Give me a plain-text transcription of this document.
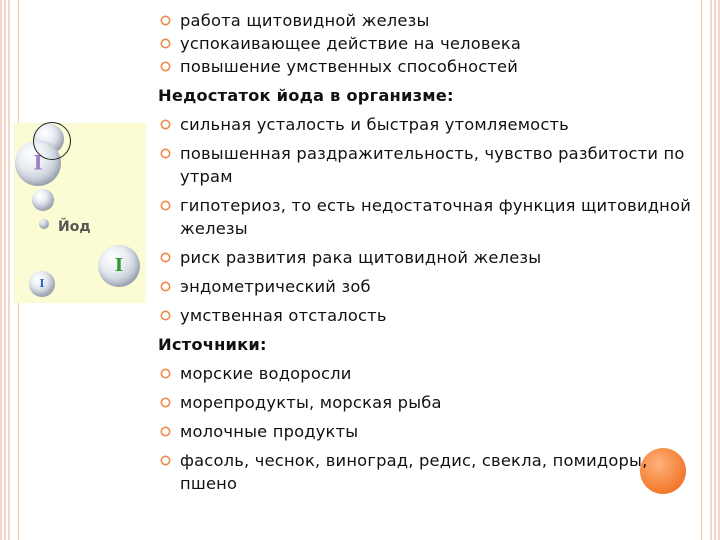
I
I
I
Йод
работа щитовидной железы
успокаивающее действие на человека
повышение умственных способностей
Недостаток йода в организме:
сильная усталость и быстрая утомляемость
повышенная раздражительность, чувство разбитости по утрам
гипотериоз, то есть недостаточная функция щитовидной железы
риск развития рака щитовидной железы
эндометрический зоб
умственная отсталость
Источники:
морские водоросли
морепродукты, морская рыба
молочные продукты
фасоль, чеснок, виноград, редис, свекла, помидоры, пшено
